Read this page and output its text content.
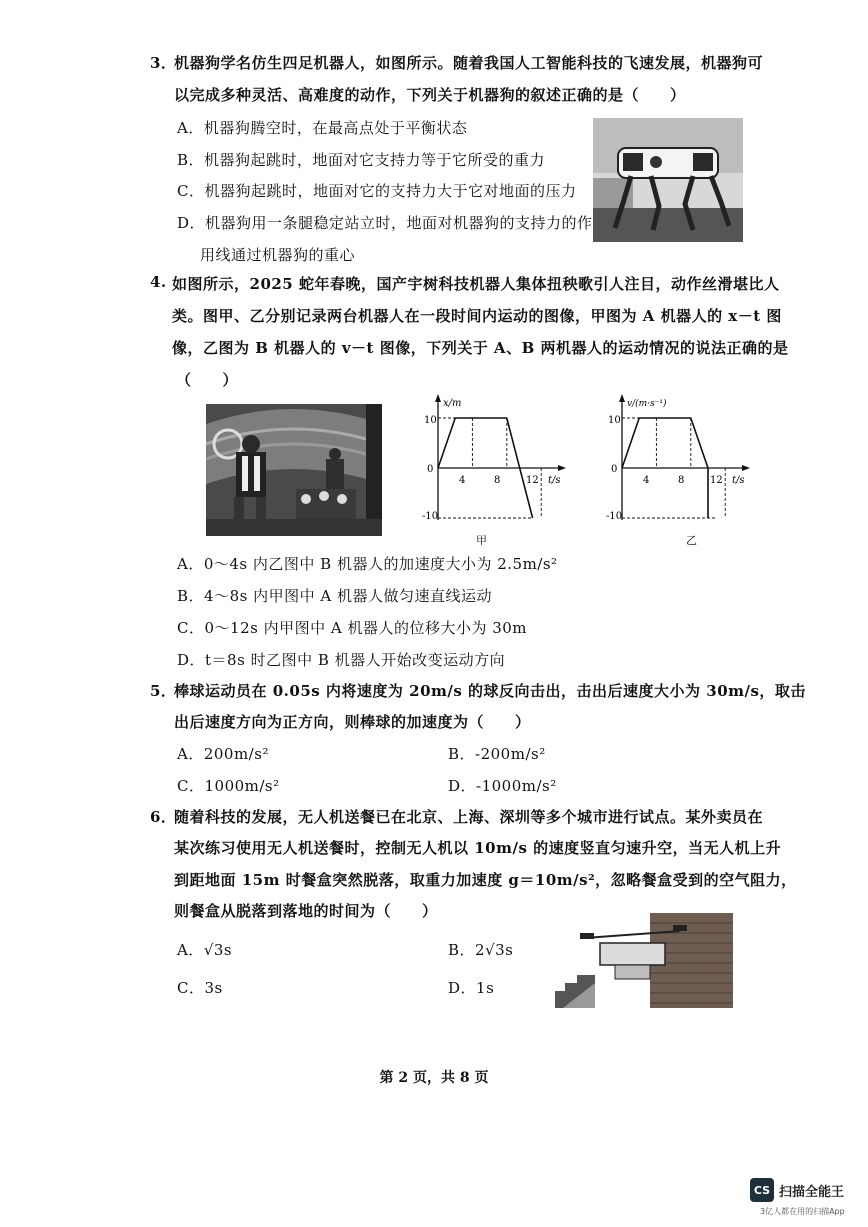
3．
机器狗学名仿生四足机器人，如图所示。随着我国人工智能科技的飞速发展，机器狗可
以完成多种灵活、高难度的动作，下列关于机器狗的叙述正确的是（　　）
A．机器狗腾空时，在最高点处于平衡状态
B．机器狗起跳时，地面对它支持力等于它所受的重力
C．机器狗起跳时，地面对它的支持力大于它对地面的压力
D．机器狗用一条腿稳定站立时，地面对机器狗的支持力的作
用线通过机器狗的重心
4. 如图所示，2025 蛇年春晚，国产宇树科技机器人集体扭秧歌引人注目，动作丝滑堪比人
类。图甲、乙分别记录两台机器人在一段时间内运动的图像，甲图为 A 机器人的 x－t 图
像，乙图为 B 机器人的 v－t 图像，下列关于 A、B 两机器人的运动情况的说法正确的是
（　　）
x/m
10
-10
0
4	8	12 t/s
甲
v/(m·s⁻¹)
10
-10
0
4	8	12 t/s
乙
A．0～4s 内乙图中 B 机器人的加速度大小为 2.5m/s²
B．4～8s 内甲图中 A 机器人做匀速直线运动
C．0～12s 内甲图中 A 机器人的位移大小为 30m
D．t＝8s 时乙图中 B 机器人开始改变运动方向
5．
棒球运动员在 0.05s 内将速度为 20m/s 的球反向击出，击出后速度大小为 30m/s，取击
出后速度方向为正方向，则棒球的加速度为（　　）
A．200m/s²	B．-200m/s²
C．1000m/s²	D．-1000m/s²
6．
随着科技的发展，无人机送餐已在北京、上海、深圳等多个城市进行试点。某外卖员在
某次练习使用无人机送餐时，控制无人机以 10m/s 的速度竖直匀速升空，当无人机上升
到距地面 15m 时餐盒突然脱落，取重力加速度 g＝10m/s²，忽略餐盒受到的空气阻力，
则餐盒从脱落到落地的时间为（　　）
A．√3s	B．2√3s
C．3s	D．1s
第 2 页，共 8 页
CS 扫描全能王
3亿人都在用的扫描App
